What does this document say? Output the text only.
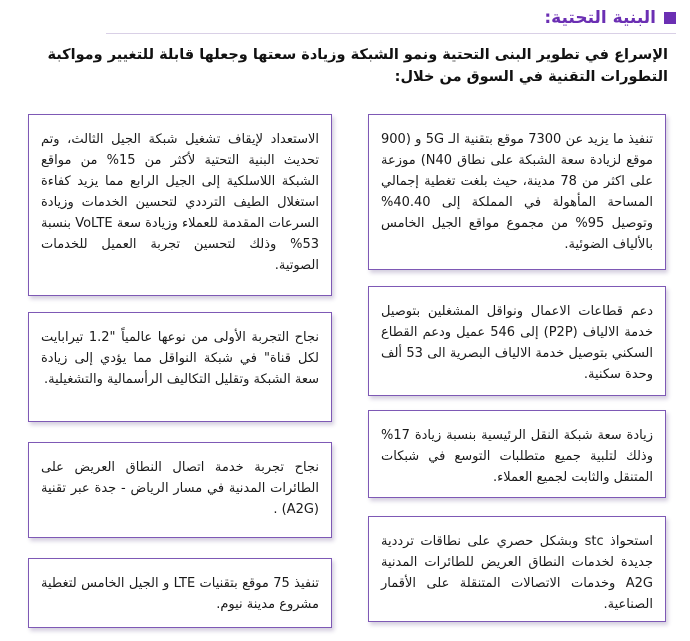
البنية التحتية:
الإسراع في تطوير البنى التحتية ونمو الشبكة وزيادة سعتها وجعلها قابلة للتغيير ومواكبة التطورات التقنية في السوق من خلال:
تنفيذ ما يزيد عن 7300 موقع بتقنية الـ 5G و (900 موقع لزيادة سعة الشبكة على نطاق N40) موزعة على اكثر من 78 مدينة، حيث بلغت تغطية إجمالي المساحة المأهولة في المملكة إلى 40.40% وتوصيل 95% من مجموع مواقع الجيل الخامس بالألياف الضوئية.
دعم قطاعات الاعمال ونواقل المشغلين بتوصيل خدمة الالياف (P2P) إلى 546 عميل ودعم القطاع السكني بتوصيل خدمة الالياف البصرية الى 53 ألف وحدة سكنية.
زيادة سعة شبكة النقل الرئيسية بنسبة زيادة 17% وذلك لتلبية جميع متطلبات التوسع في شبكات المتنقل والثابت لجميع العملاء.
استحواذ stc وبشكل حصري على نطاقات ترددية جديدة لخدمات النطاق العريض للطائرات المدنية A2G وخدمات الاتصالات المتنقلة على الأقمار الصناعية.
الاستعداد لإيقاف تشغيل شبكة الجيل الثالث، وتم تحديث البنية التحتية لأكثر من 15% من مواقع الشبكة اللاسلكية إلى الجيل الرابع مما يزيد كفاءة استغلال الطيف الترددي لتحسين الخدمات وزيادة السرعات المقدمة للعملاء وزيادة سعة VoLTE بنسبة 53% وذلك لتحسين تجربة العميل للخدمات الصوتية.
نجاح التجربة الأولى من نوعها عالمياً "1.2 تيرابايت لكل قناة" في شبكة النواقل مما يؤدي إلى زيادة سعة الشبكة وتقليل التكاليف الرأسمالية والتشغيلية.
نجاح تجربة خدمة اتصال النطاق العريض على الطائرات المدنية في مسار الرياض - جدة عبر تقنية (A2G) .
تنفيذ 75 موقع بتقنيات LTE و الجيل الخامس لتغطية مشروع مدينة نيوم.
